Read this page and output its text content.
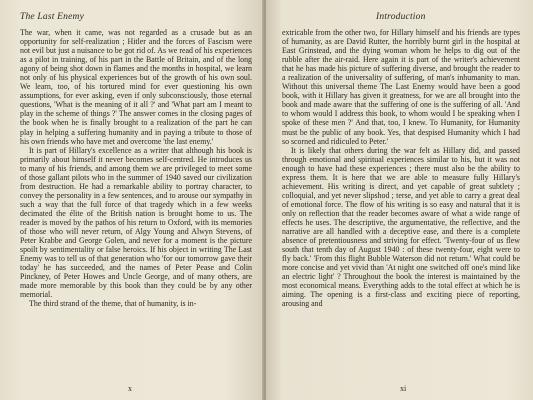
The Last Enemy

The war, when it came, was not regarded as a crusade but as an opportunity for self-realization ; Hitler and the forces of Fascism were not evil but just a nuisance to be got rid of. As we read of his experiences as a pilot in training, of his part in the Battle of Britain, and of the long agony of being shot down in flames and the months in hospital, we learn not only of his physical experiences but of the growth of his own soul. We learn, too, of his tortured mind for ever questioning his own assumptions, for ever asking, even if only subconsciously, those eternal questions, 'What is the meaning of it all ?' and 'What part am I meant to play in the scheme of things ?' The answer comes in the closing pages of the book when he is finally brought to a realization of the part he can play in helping a suffering humanity and in paying a tribute to those of his own friends who have met and overcome 'the last enemy.'

It is part of Hillary's excellence as a writer that although his book is primarily about himself it never becomes self-centred. He introduces us to many of his friends, and among them we are privileged to meet some of those gallant pilots who in the summer of 1940 saved our civilization from destruction. He had a remarkable ability to portray character, to convey the personality in a few sentences, and to arouse our sympathy in such a way that the full force of that tragedy which in a few weeks decimated the élite of the British nation is brought home to us. The reader is moved by the pathos of his return to Oxford, with its memories of those who will never return, of Algy Young and Alwyn Stevens, of Peter Krabbe and George Golen, and never for a moment is the picture spoilt by sentimentality or false heroics. If his object in writing The Last Enemy was to tell us of that generation who 'for our tomorrow gave their today' he has succeeded, and the names of Peter Pease and Colin Pinckney, of Peter Howes and Uncle George, and of many others, are made more memorable by this book than they could be by any other memorial.

The third strand of the theme, that of humanity, is in-

x

Introduction

extricable from the other two, for Hillary himself and his friends are types of humanity, as are David Rutter, the horribly burnt girl in the hospital at East Grinstead, and the dying woman whom he helps to dig out of the rubble after the air-raid. Here again it is part of the writer's achievement that he has made his picture of suffering diverse, and brought the reader to a realization of the universality of suffering, of man's inhumanity to man. Without this universal theme The Last Enemy would have been a good book, with it Hillary has given it greatness, for we are all brought into the book and made aware that the suffering of one is the suffering of all. 'And to whom would I address this book, to whom would I be speaking when I spoke of these men ?' And that, too, I knew. To Humanity, for Humanity must be the public of any book. Yes, that despised Humanity which I had so scorned and ridiculed to Peter.'

It is likely that others during the war felt as Hillary did, and passed through emotional and spiritual experiences similar to his, but it was not enough to have had these experiences ; there must also be the ability to express them. It is here that we are able to measure fully Hillary's achievement. His writing is direct, and yet capable of great subtlety ; colloquial, and yet never slipshod ; terse, and yet able to carry a great deal of emotional force. The flow of his writing is so easy and natural that it is only on reflection that the reader becomes aware of what a wide range of effects he uses. The descriptive, the argumentative, the reflective, and the narrative are all handled with a deceptive ease, and there is a complete absence of pretentiousness and striving for effect. 'Twenty-four of us flew south that tenth day of August 1940 : of these twenty-four, eight were to fly back.' 'From this flight Bubble Waterson did not return.' What could be more concise and yet vivid than 'At night one switched off one's mind like an electric light' ? Throughout the book the interest is maintained by the most economical means. Everything adds to the total effect at which he is aiming. The opening is a first-class and exciting piece of reporting, arousing and

xi
